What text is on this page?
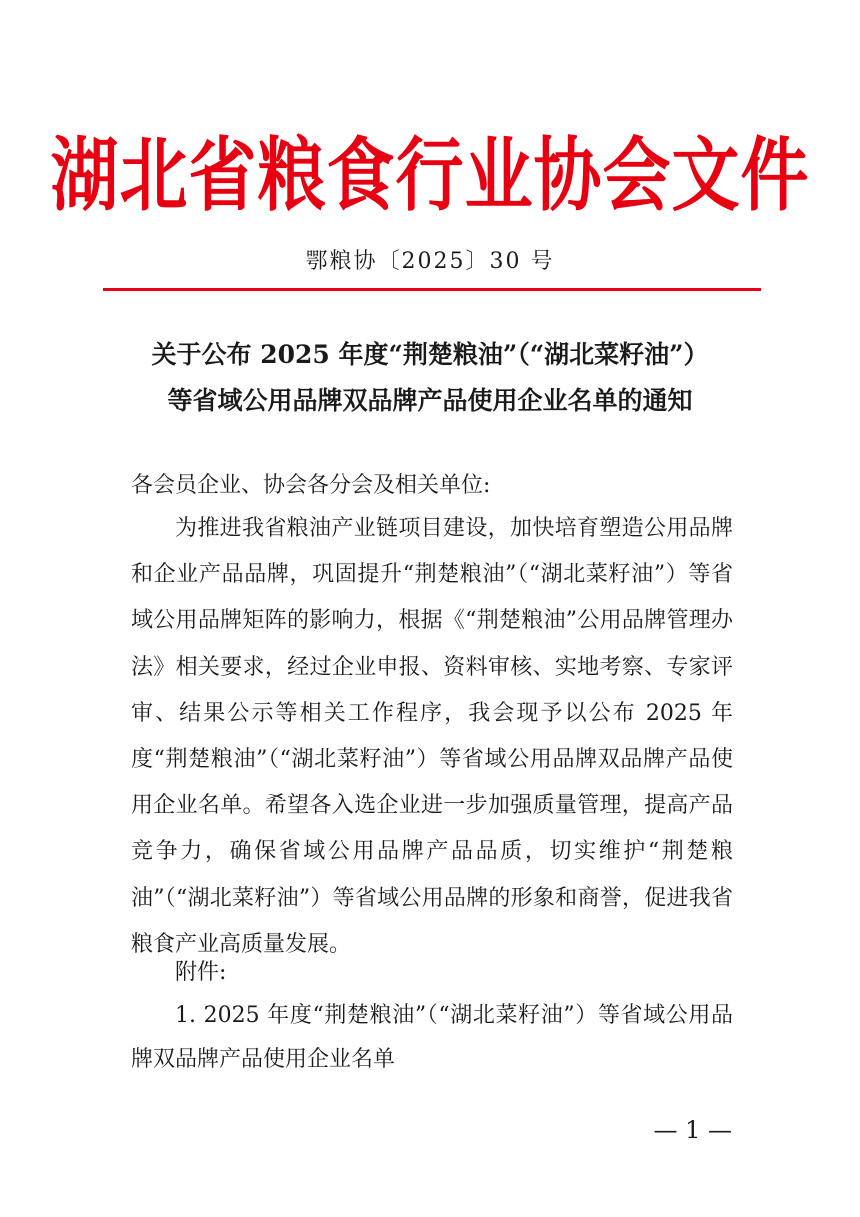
湖北省粮食行业协会文件
鄂粮协〔2025〕30 号
关于公布 2025 年度“荆楚粮油”（“湖北菜籽油”）
等省域公用品牌双品牌产品使用企业名单的通知
各会员企业、协会各分会及相关单位:
为推进我省粮油产业链项目建设，加快培育塑造公用品牌和企业产品品牌，巩固提升“荆楚粮油”（“湖北菜籽油”）等省域公用品牌矩阵的影响力，根据《“荆楚粮油”公用品牌管理办法》相关要求，经过企业申报、资料审核、实地考察、专家评审、结果公示等相关工作程序，我会现予以公布 2025 年度“荆楚粮油”（“湖北菜籽油”）等省域公用品牌双品牌产品使用企业名单。希望各入选企业进一步加强质量管理，提高产品竞争力，确保省域公用品牌产品品质，切实维护“荆楚粮油”（“湖北菜籽油”）等省域公用品牌的形象和商誉，促进我省粮食产业高质量发展。
附件:
1. 2025 年度“荆楚粮油”（“湖北菜籽油”）等省域公用品牌双品牌产品使用企业名单
— 1 —
